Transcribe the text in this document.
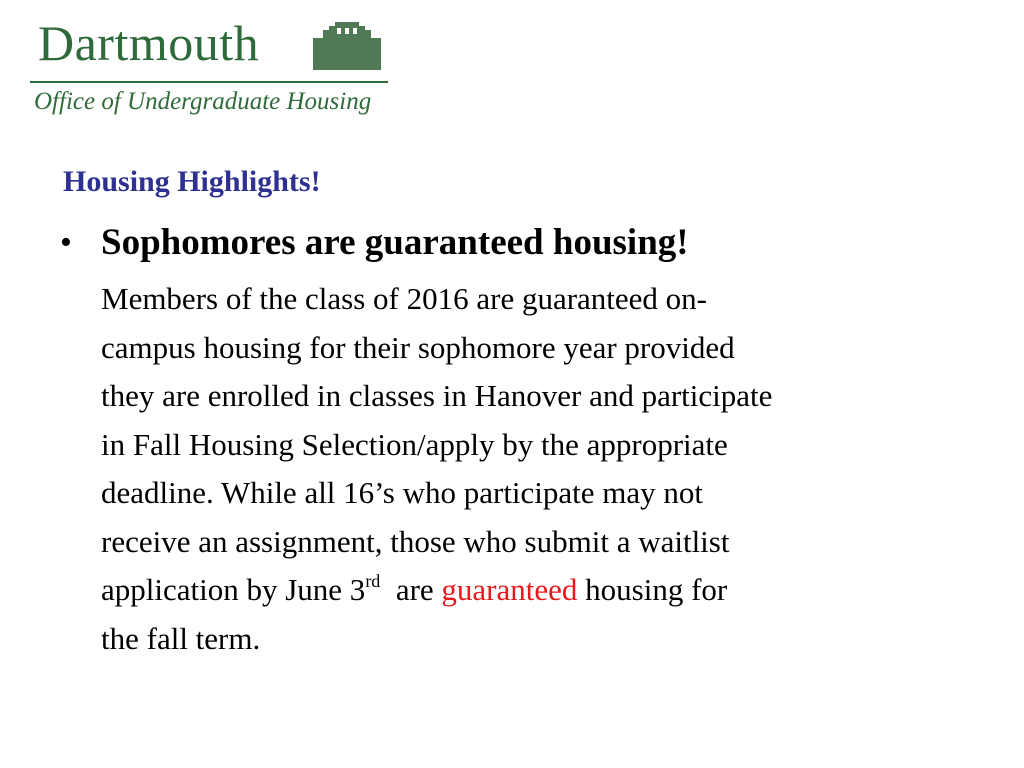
Dartmouth
Office of Undergraduate Housing
Housing Highlights!
• Sophomores are guaranteed housing!
Members of the class of 2016 are guaranteed on-
campus housing for their sophomore year provided
they are enrolled in classes in Hanover and participate
in Fall Housing Selection/apply by the appropriate
deadline. While all 16’s who participate may not
receive an assignment, those who submit a waitlist
application by June 3rd  are guaranteed housing for
the fall term.
